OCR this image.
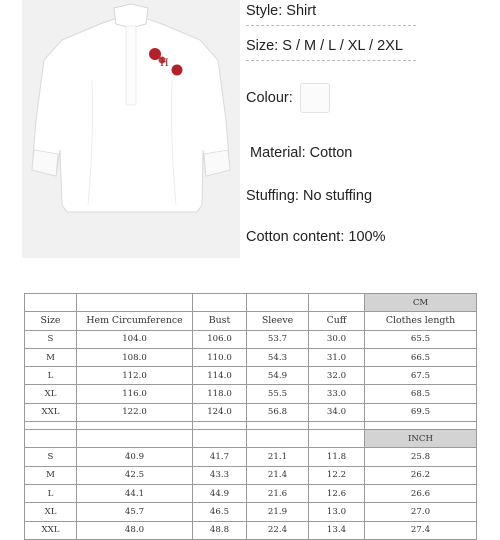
H
Style: Shirt
Size: S / M / L / XL / 2XL
Colour:
Material: Cotton
Stuffing: No stuffing
Cotton content: 100%
					CM
Size	Hem Circumference	Bust	Sleeve	Cuff	Clothes length
S	104.0	106.0	53.7	30.0	65.5
M	108.0	110.0	54.3	31.0	66.5
L	112.0	114.0	54.9	32.0	67.5
XL	116.0	118.0	55.5	33.0	68.5
XXL	122.0	124.0	56.8	34.0	69.5

					INCH
S	40.9	41.7	21.1	11.8	25.8
M	42.5	43.3	21.4	12.2	26.2
L	44.1	44.9	21.6	12.6	26.6
XL	45.7	46.5	21.9	13.0	27.0
XXL	48.0	48.8	22.4	13.4	27.4
